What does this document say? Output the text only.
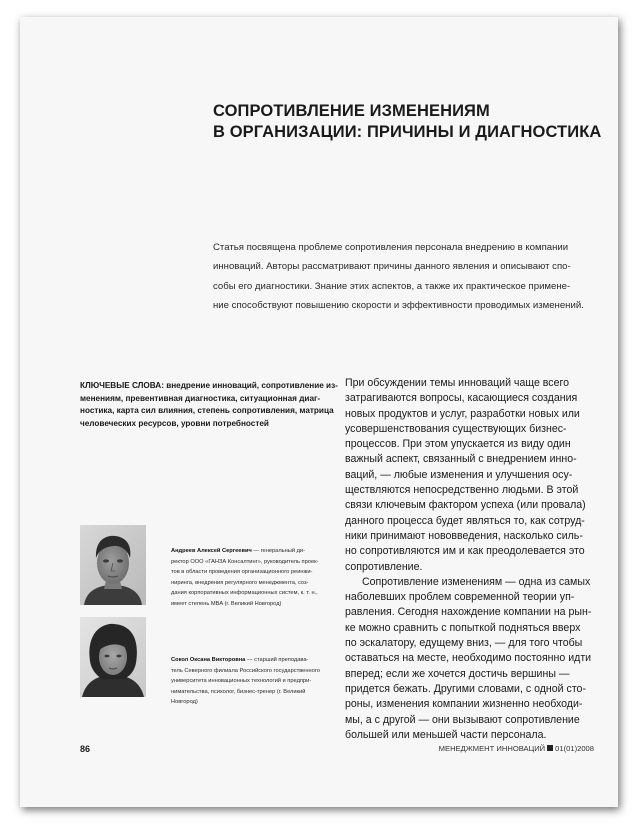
СОПРОТИВЛЕНИЕ ИЗМЕНЕНИЯМ
В ОРГАНИЗАЦИИ: ПРИЧИНЫ И ДИАГНОСТИКА

Статья посвящена проблеме сопротивления персонала внедрению в компании
инноваций. Авторы рассматривают причины данного явления и описывают спо-
собы его диагностики. Знание этих аспектов, а также их практическое примене-
ние способствуют повышению скорости и эффективности проводимых изменений.

КЛЮЧЕВЫЕ СЛОВА: внедрение инноваций, сопротивление из-
менениям, превентивная диагностика, ситуационная диаг-
ностика, карта сил влияния, степень сопротивления, матрица
человеческих ресурсов, уровни потребностей

Андреев Алексей Сергеевич — генеральный ди-
ректор ООО «ГАНЗА Консалтинг», руководитель проек-
тов в области проведения организационного реинжи-
ниринга, внедрения регулярного менеджмента, соз-
дания корпоративных информационных систем, к. т. н.,
имеет степень MBA (г. Великий Новгород)

Сокол Оксана Викторовна — старший преподава-
тель Северного филиала Российского государственного
университета инновационных технологий и предпри-
нимательства, психолог, бизнес-тренер (г. Великий
Новгород)

При обсуждении темы инноваций чаще всего
затрагиваются вопросы, касающиеся создания
новых продуктов и услуг, разработки новых или
усовершенствования существующих бизнес-
процессов. При этом упускается из виду один
важный аспект, связанный с внедрением инно-
ваций, — любые изменения и улучшения осу-
ществляются непосредственно людьми. В этой
связи ключевым фактором успеха (или провала)
данного процесса будет являться то, как сотруд-
ники принимают нововведения, насколько силь-
но сопротивляются им и как преодолевается это
сопротивление.
Сопротивление изменениям — одна из самых
наболевших проблем современной теории уп-
равления. Сегодня нахождение компании на рын-
ке можно сравнить с попыткой подняться вверх
по эскалатору, едущему вниз, — для того чтобы
оставаться на месте, необходимо постоянно идти
вперед; если же хочется достичь вершины —
придется бежать. Другими словами, с одной сто-
роны, изменения компании жизненно необходи-
мы, а с другой — они вызывают сопротивление
большей или меньшей части персонала.

86	МЕНЕДЖМЕНТ ИННОВАЦИЙ 01(01)2008
